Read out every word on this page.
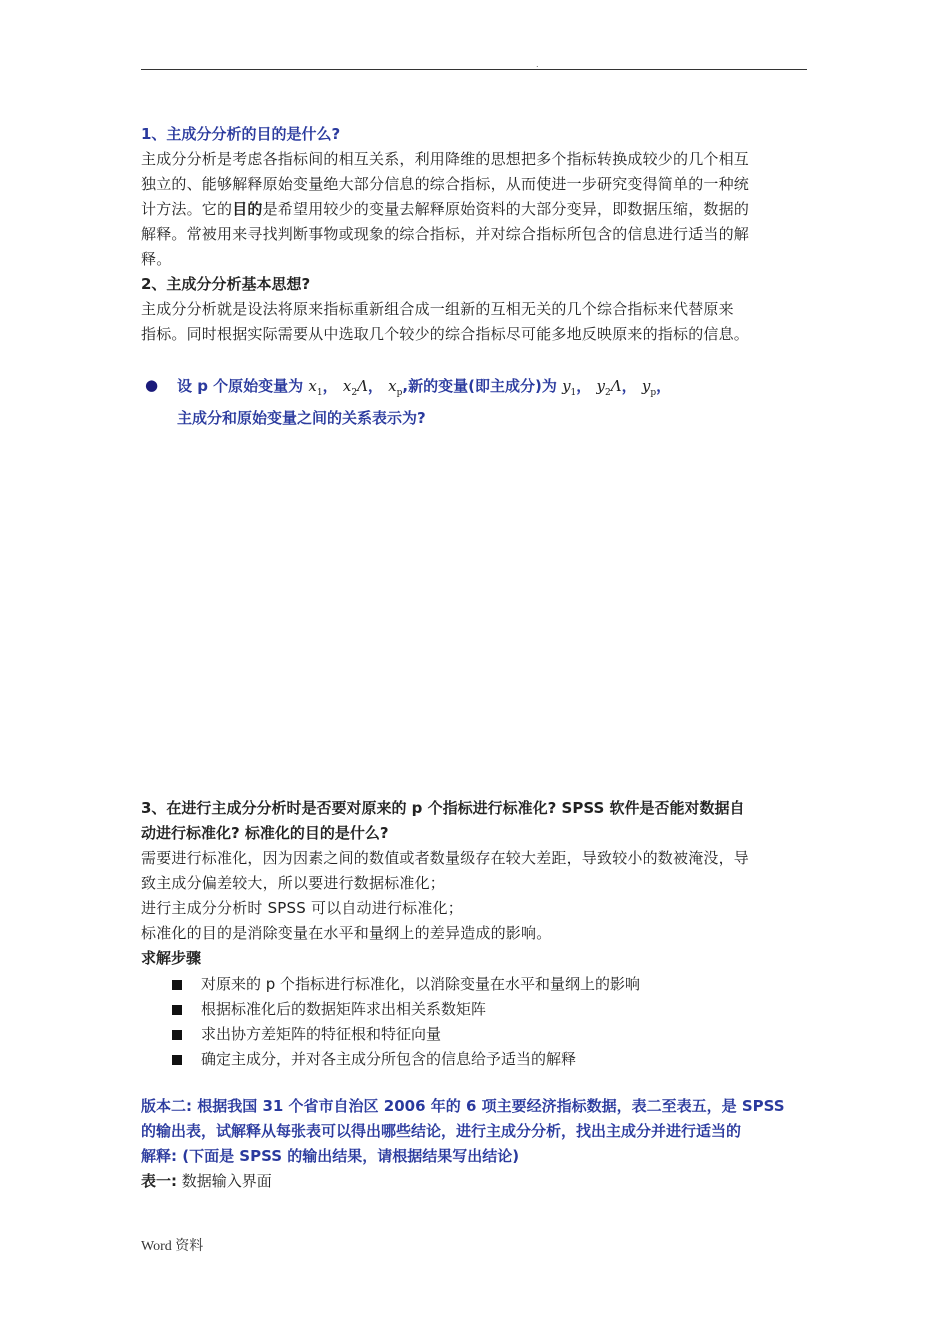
.
1、主成分分析的目的是什么?
主成分分析是考虑各指标间的相互关系，利用降维的思想把多个指标转换成较少的几个相互
独立的、能够解释原始变量绝大部分信息的综合指标，从而使进一步研究变得简单的一种统
计方法。它的目的是希望用较少的变量去解释原始资料的大部分变异，即数据压缩，数据的
解释。常被用来寻找判断事物或现象的综合指标，并对综合指标所包含的信息进行适当的解
释。
2、主成分分析基本思想?
主成分分析就是设法将原来指标重新组合成一组新的互相无关的几个综合指标来代替原来
指标。同时根据实际需要从中选取几个较少的综合指标尽可能多地反映原来的指标的信息。
● 设 p 个原始变量为 $x_1$， $x_2\Lambda$， $x_p$,新的变量(即主成分)为 $y_1$， $y_2\Lambda$， $y_p$，
主成分和原始变量之间的关系表示为?
3、在进行主成分分析时是否要对原来的 p 个指标进行标准化? SPSS 软件是否能对数据自
动进行标准化? 标准化的目的是什么?
需要进行标准化，因为因素之间的数值或者数量级存在较大差距，导致较小的数被淹没，导
致主成分偏差较大，所以要进行数据标准化；
进行主成分分析时 SPSS 可以自动进行标准化；
标准化的目的是消除变量在水平和量纲上的差异造成的影响。
求解步骤
对原来的 p 个指标进行标准化，以消除变量在水平和量纲上的影响
根据标准化后的数据矩阵求出相关系数矩阵
求出协方差矩阵的特征根和特征向量
确定主成分，并对各主成分所包含的信息给予适当的解释
版本二: 根据我国 31 个省市自治区 2006 年的 6 项主要经济指标数据，表二至表五，是 SPSS
的输出表，试解释从每张表可以得出哪些结论，进行主成分分析，找出主成分并进行适当的
解释: (下面是 SPSS 的输出结果，请根据结果写出结论)
表一: 数据输入界面
Word 资料
